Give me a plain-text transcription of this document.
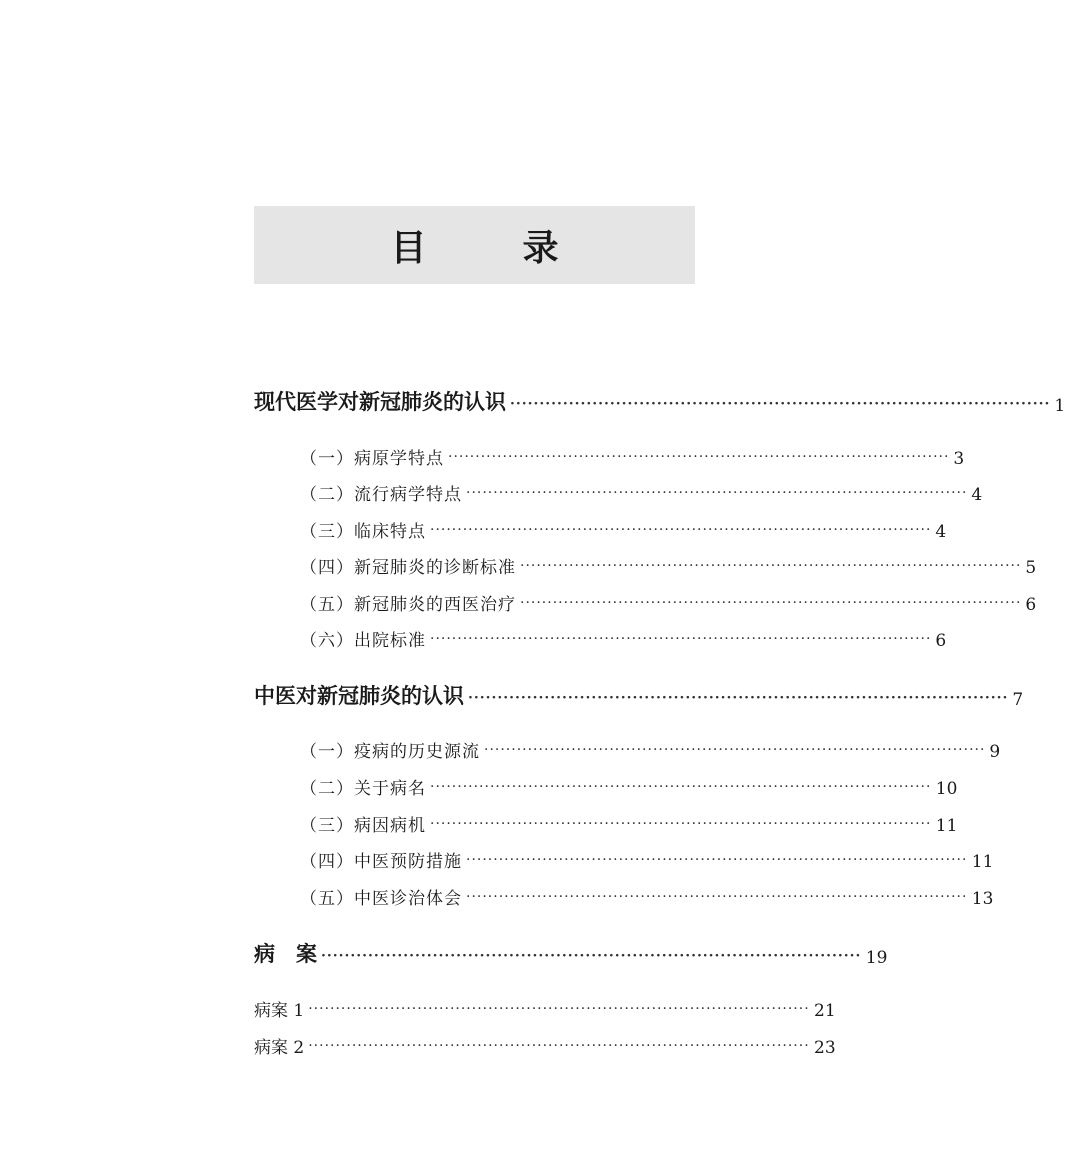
目　录
现代医学对新冠肺炎的认识 ···························································································· 1
（一）病原学特点 ···························································································· 3
（二）流行病学特点 ···························································································· 4
（三）临床特点 ···························································································· 4
（四）新冠肺炎的诊断标准 ···························································································· 5
（五）新冠肺炎的西医治疗 ···························································································· 6
（六）出院标准 ···························································································· 6
中医对新冠肺炎的认识 ···························································································· 7
（一）疫病的历史源流 ···························································································· 9
（二）关于病名 ···························································································· 10
（三）病因病机 ···························································································· 11
（四）中医预防措施 ···························································································· 11
（五）中医诊治体会 ···························································································· 13
病　案 ···························································································· 19
病案 1 ···························································································· 21
病案 2 ···························································································· 23
